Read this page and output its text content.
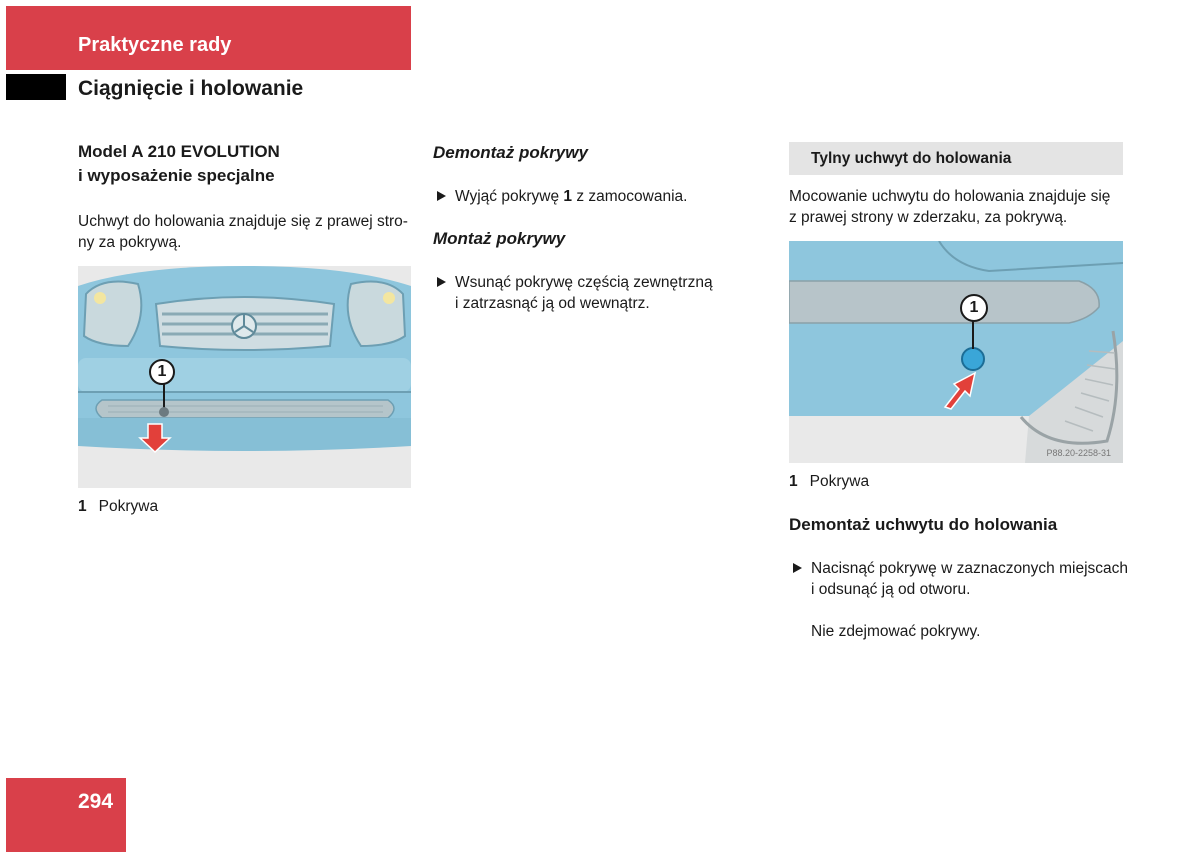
Praktyczne rady
Ciągnięcie i holowanie
Model A 210 EVOLUTION
i wyposażenie specjalne
Uchwyt do holowania znajduje się z prawej stro-
ny za pokrywą.
1
1 Pokrywa
Demontaż pokrywy
Wyjąć pokrywę 1 z zamocowania.
Montaż pokrywy
Wsunąć pokrywę częścią zewnętrzną
i zatrzasnąć ją od wewnątrz.
Tylny uchwyt do holowania
Mocowanie uchwytu do holowania znajduje się
z prawej strony w zderzaku, za pokrywą.
1
P88.20-2258-31
1 Pokrywa
Demontaż uchwytu do holowania
Nacisnąć pokrywę w zaznaczonych miejscach
i odsunąć ją od otworu.
Nie zdejmować pokrywy.
294
